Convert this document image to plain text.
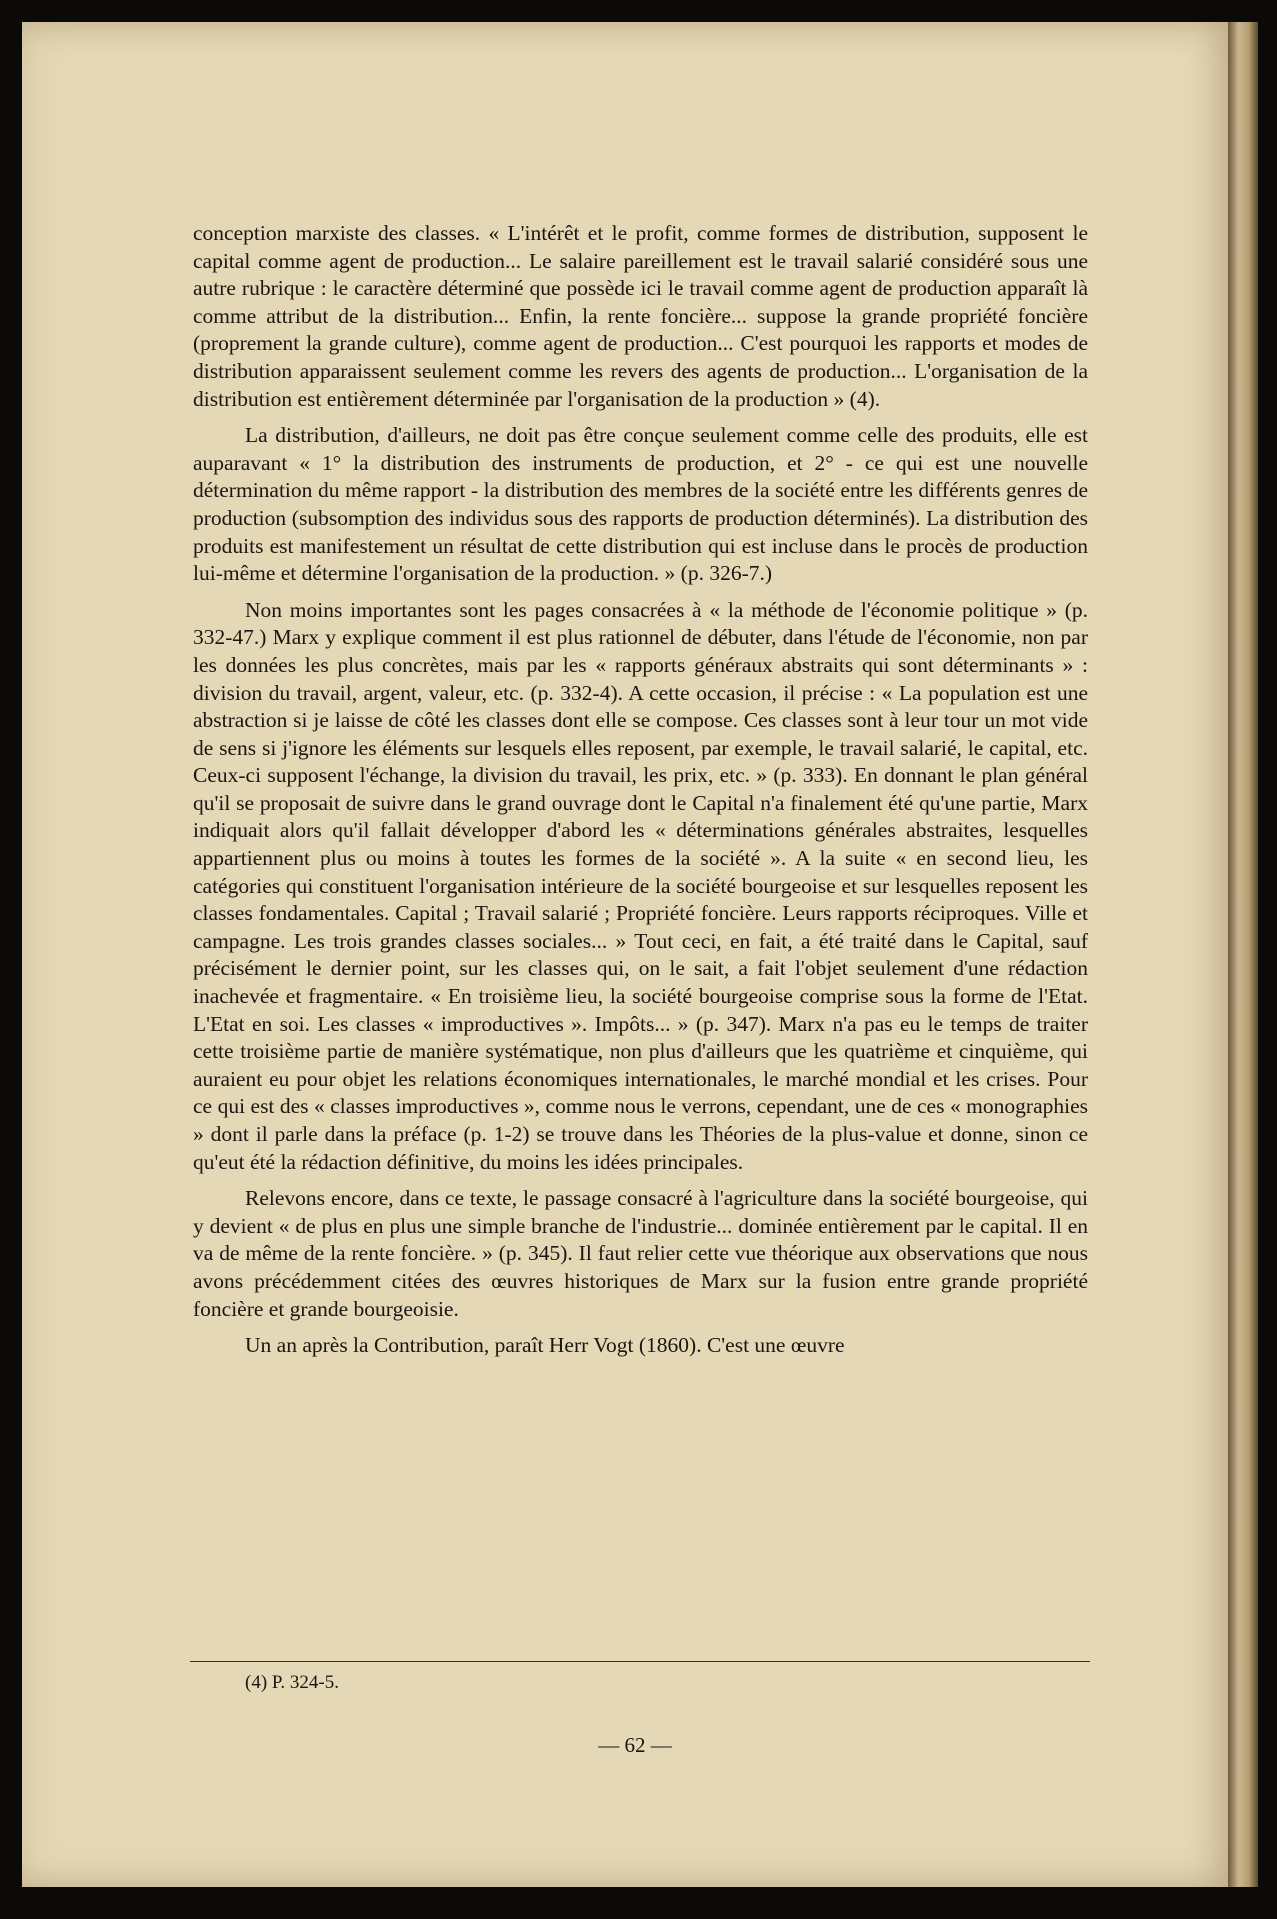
conception marxiste des classes. « L'intérêt et le profit, comme formes de distribution, supposent le capital comme agent de production... Le salaire pareillement est le travail salarié considéré sous une autre rubrique : le caractère déterminé que possède ici le travail comme agent de production apparaît là comme attribut de la distribution... Enfin, la rente foncière... suppose la grande propriété foncière (proprement la grande culture), comme agent de production... C'est pourquoi les rapports et modes de distribution apparaissent seulement comme les revers des agents de production... L'organisation de la distribution est entièrement déterminée par l'organisation de la production » (4).

La distribution, d'ailleurs, ne doit pas être conçue seulement comme celle des produits, elle est auparavant « 1° la distribution des instruments de production, et 2° - ce qui est une nouvelle détermination du même rapport - la distribution des membres de la société entre les différents genres de production (subsomption des individus sous des rapports de production déterminés). La distribution des produits est manifestement un résultat de cette distribution qui est incluse dans le procès de production lui-même et détermine l'organisation de la production. » (p. 326-7.)

Non moins importantes sont les pages consacrées à « la méthode de l'économie politique » (p. 332-47.) Marx y explique comment il est plus rationnel de débuter, dans l'étude de l'économie, non par les données les plus concrètes, mais par les « rapports généraux abstraits qui sont déterminants » : division du travail, argent, valeur, etc. (p. 332-4). A cette occasion, il précise : « La population est une abstraction si je laisse de côté les classes dont elle se compose. Ces classes sont à leur tour un mot vide de sens si j'ignore les éléments sur lesquels elles reposent, par exemple, le travail salarié, le capital, etc. Ceux-ci supposent l'échange, la division du travail, les prix, etc. » (p. 333). En donnant le plan général qu'il se proposait de suivre dans le grand ouvrage dont le Capital n'a finalement été qu'une partie, Marx indiquait alors qu'il fallait développer d'abord les « déterminations générales abstraites, lesquelles appartiennent plus ou moins à toutes les formes de la société ». A la suite « en second lieu, les catégories qui constituent l'organisation intérieure de la société bourgeoise et sur lesquelles reposent les classes fondamentales. Capital ; Travail salarié ; Propriété foncière. Leurs rapports réciproques. Ville et campagne. Les trois grandes classes sociales... » Tout ceci, en fait, a été traité dans le Capital, sauf précisément le dernier point, sur les classes qui, on le sait, a fait l'objet seulement d'une rédaction inachevée et fragmentaire. « En troisième lieu, la société bourgeoise comprise sous la forme de l'Etat. L'Etat en soi. Les classes « improductives ». Impôts... » (p. 347). Marx n'a pas eu le temps de traiter cette troisième partie de manière systématique, non plus d'ailleurs que les quatrième et cinquième, qui auraient eu pour objet les relations économiques internationales, le marché mondial et les crises. Pour ce qui est des « classes improductives », comme nous le verrons, cependant, une de ces « monographies » dont il parle dans la préface (p. 1-2) se trouve dans les Théories de la plus-value et donne, sinon ce qu'eut été la rédaction définitive, du moins les idées principales.

Relevons encore, dans ce texte, le passage consacré à l'agriculture dans la société bourgeoise, qui y devient « de plus en plus une simple branche de l'industrie... dominée entièrement par le capital. Il en va de même de la rente foncière. » (p. 345). Il faut relier cette vue théorique aux observations que nous avons précédemment citées des œuvres historiques de Marx sur la fusion entre grande propriété foncière et grande bourgeoisie.

Un an après la Contribution, paraît Herr Vogt (1860). C'est une œuvre

(4) P. 324-5.
— 62 —
